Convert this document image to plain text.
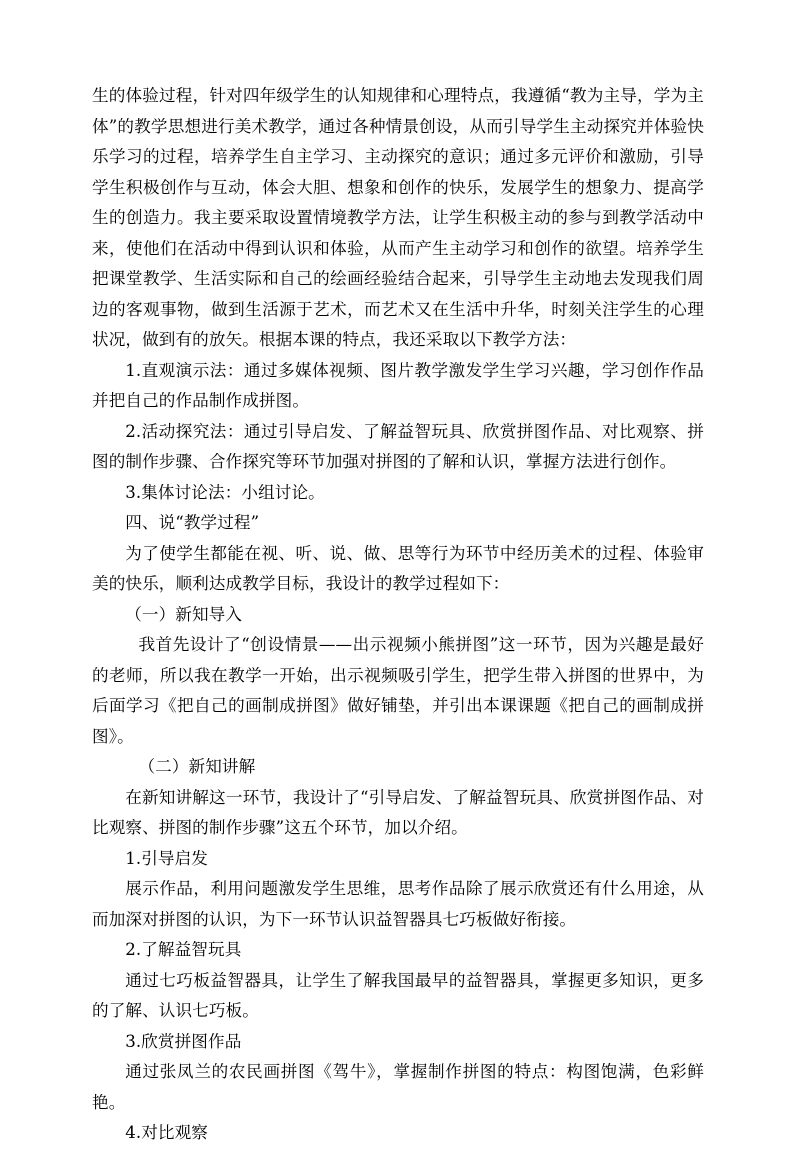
生的体验过程，针对四年级学生的认知规律和心理特点，我遵循“教为主导，学为主体”的教学思想进行美术教学，通过各种情景创设，从而引导学生主动探究并体验快乐学习的过程，培养学生自主学习、主动探究的意识；通过多元评价和激励，引导学生积极创作与互动，体会大胆、想象和创作的快乐，发展学生的想象力、提高学生的创造力。我主要采取设置情境教学方法，让学生积极主动的参与到教学活动中来，使他们在活动中得到认识和体验，从而产生主动学习和创作的欲望。培养学生把课堂教学、生活实际和自己的绘画经验结合起来，引导学生主动地去发现我们周边的客观事物，做到生活源于艺术，而艺术又在生活中升华，时刻关注学生的心理状况，做到有的放矢。根据本课的特点，我还采取以下教学方法：

1.直观演示法：通过多媒体视频、图片教学激发学生学习兴趣，学习创作作品并把自己的作品制作成拼图。

2.活动探究法：通过引导启发、了解益智玩具、欣赏拼图作品、对比观察、拼图的制作步骤、合作探究等环节加强对拼图的了解和认识，掌握方法进行创作。

3.集体讨论法：小组讨论。

四、说“教学过程”

为了使学生都能在视、听、说、做、思等行为环节中经历美术的过程、体验审美的快乐，顺利达成教学目标，我设计的教学过程如下：

（一）新知导入

我首先设计了“创设情景——出示视频小熊拼图”这一环节，因为兴趣是最好的老师，所以我在教学一开始，出示视频吸引学生，把学生带入拼图的世界中，为后面学习《把自己的画制成拼图》做好铺垫，并引出本课课题《把自己的画制成拼图》。

（二）新知讲解

在新知讲解这一环节，我设计了“引导启发、了解益智玩具、欣赏拼图作品、对比观察、拼图的制作步骤”这五个环节，加以介绍。

1.引导启发

展示作品，利用问题激发学生思维，思考作品除了展示欣赏还有什么用途，从而加深对拼图的认识，为下一环节认识益智器具七巧板做好衔接。

2.了解益智玩具

通过七巧板益智器具，让学生了解我国最早的益智器具，掌握更多知识，更多的了解、认识七巧板。

3.欣赏拼图作品

通过张凤兰的农民画拼图《驾牛》，掌握制作拼图的特点：构图饱满，色彩鲜艳。

4.对比观察
